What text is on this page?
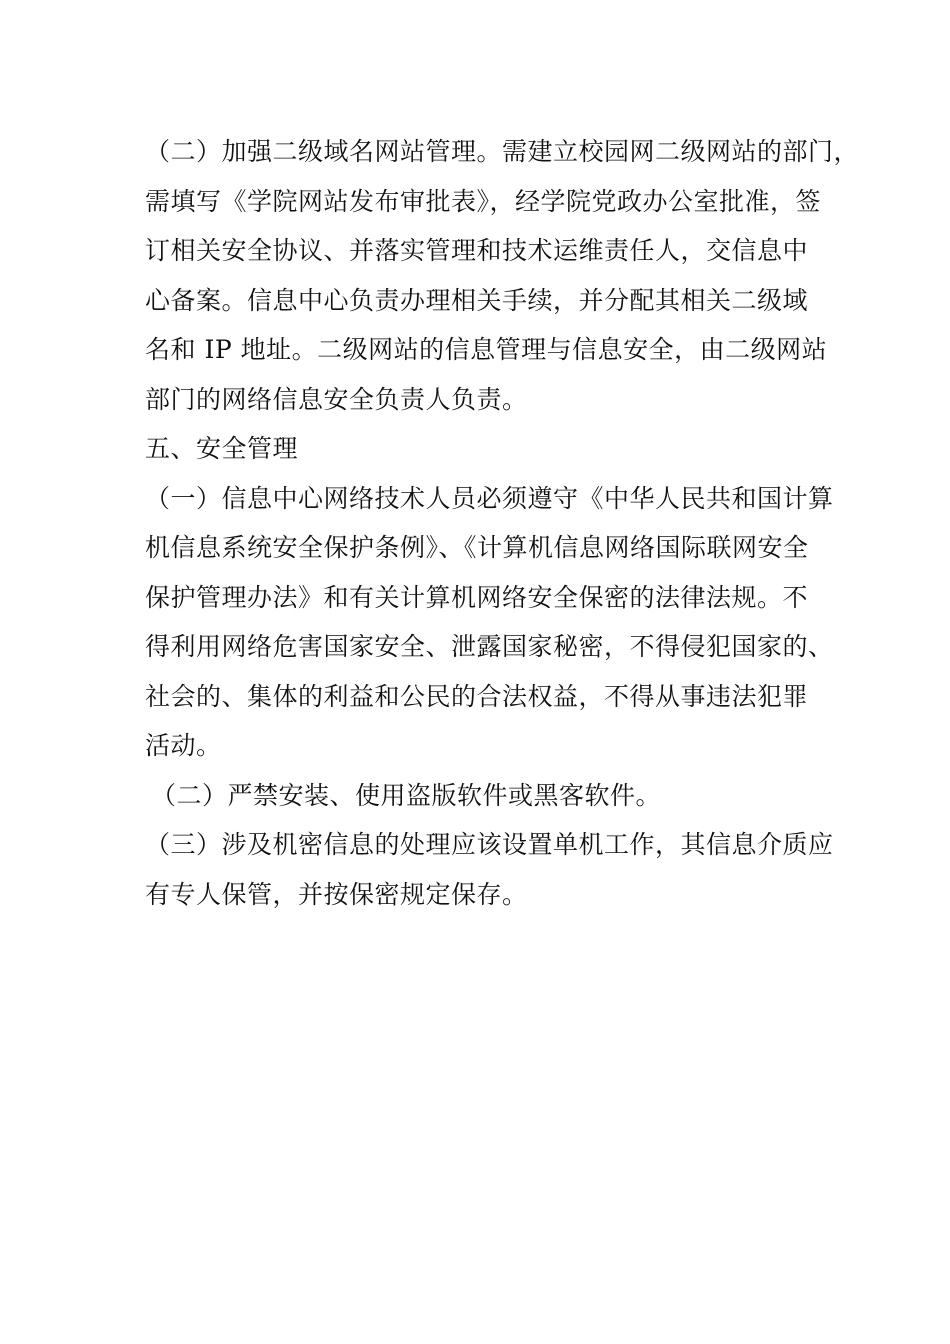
（二）加强二级域名网站管理。需建立校园网二级网站的部门，
需填写《学院网站发布审批表》，经学院党政办公室批准，签
订相关安全协议、并落实管理和技术运维责任人，交信息中
心备案。信息中心负责办理相关手续，并分配其相关二级域
名和 IP 地址。二级网站的信息管理与信息安全，由二级网站
部门的网络信息安全负责人负责。
五、安全管理
（一）信息中心网络技术人员必须遵守《中华人民共和国计算
机信息系统安全保护条例》、《计算机信息网络国际联网安全
保护管理办法》和有关计算机网络安全保密的法律法规。不
得利用网络危害国家安全、泄露国家秘密，不得侵犯国家的、
社会的、集体的利益和公民的合法权益，不得从事违法犯罪
活动。
（二）严禁安装、使用盗版软件或黑客软件。
（三）涉及机密信息的处理应该设置单机工作，其信息介质应
有专人保管，并按保密规定保存。
